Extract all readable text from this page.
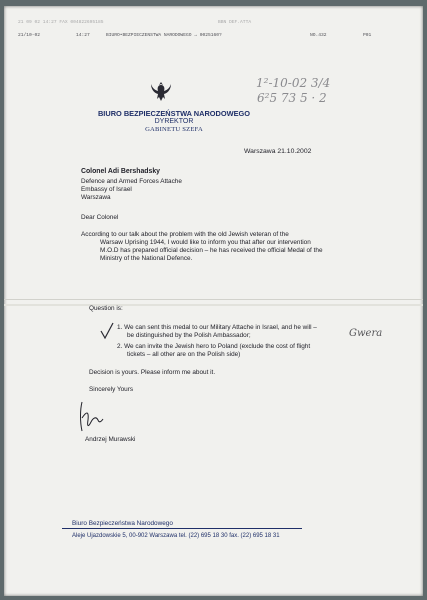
21 09 02 14:27 FAX 004822695185	BBN DEF.ATTA
21/10-02	14:27	BIURO•BEZPIECZENSTWA NARODOWEGO → 0025160?	NO.432	P01
1²-10-02 3/4
6²5 73 5 · 2
BIURO BEZPIECZEŃSTWA NARODOWEGO
DYREKTOR
GABINETU SZEFA
Warszawa 21.10.2002
Colonel Adi Bershadsky
Defence and Armed Forces Attache
Embassy of Israel
Warszawa
Dear Colonel
According to our talk about the problem with the old Jewish veteran of the
Warsaw Uprising 1944, I would like to inform you that after our intervention
M.O.D has prepared official decision – he has received the official Medal of the
Ministry of the National Defence.
Question is:
1. We can sent this medal to our Military Attache in Israel, and he will –
be distinguished by the Polish Ambassador;
2. We can invite the Jewish hero to Poland (exclude the cost of flight
tickets – all other are on the Polish side)
Gwera
Decision is yours. Please inform me about it.
Sincerely Yours
Andrzej Murawski
Biuro Bezpieczeństwa Narodowego
Aleje Ujazdowskie 5, 00-902 Warszawa tel. (22) 695 18 30 fax. (22) 695 18 31
